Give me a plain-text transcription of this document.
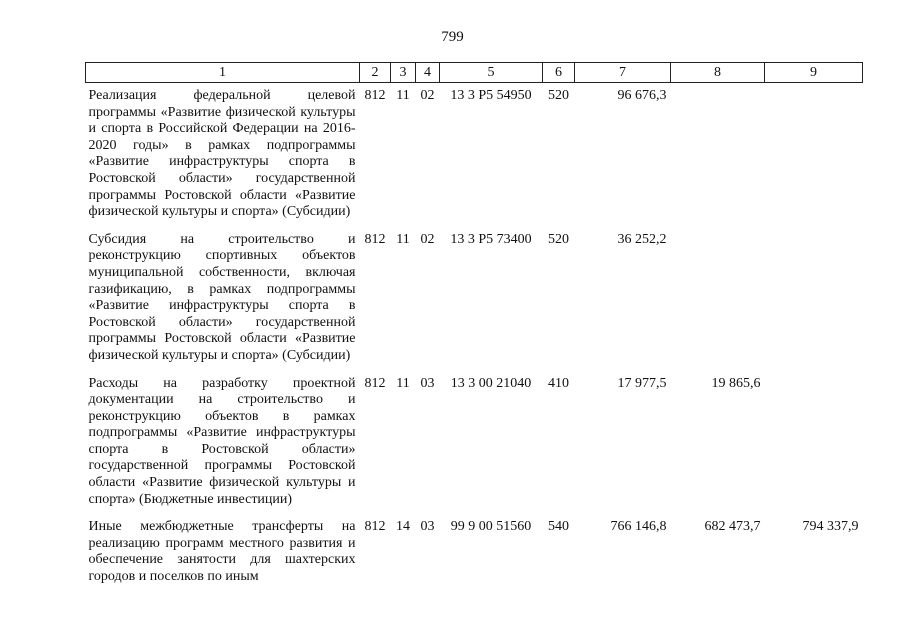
799
1	2	3	4	5	6	7	8	9
Реализация федеральной целевой программы «Развитие физической культуры и спорта в Российской Федерации на 2016-2020 годы» в рамках подпрограммы «Развитие инфраструктуры спорта в Ростовской области» государственной программы Ростовской области «Развитие физической культуры и спорта» (Субсидии)	812	11	02	13 3 P5 54950	520	96 676,3		
Субсидия на строительство и реконструкцию спортивных объектов муниципальной собственности, включая газификацию, в рамках подпрограммы «Развитие инфраструктуры спорта в Ростовской области» государственной программы Ростовской области «Развитие физической культуры и спорта» (Субсидии)	812	11	02	13 3 P5 73400	520	36 252,2		
Расходы на разработку проектной документации на строительство и реконструкцию объектов в рамках подпрограммы «Развитие инфраструктуры спорта в Ростовской области» государственной программы Ростовской области «Развитие физической культуры и спорта» (Бюджетные инвестиции)	812	11	03	13 3 00 21040	410	17 977,5	19 865,6	
Иные межбюджетные трансферты на реализацию программ местного развития и обеспечение занятости для шахтерских городов и поселков по иным	812	14	03	99 9 00 51560	540	766 146,8	682 473,7	794 337,9
